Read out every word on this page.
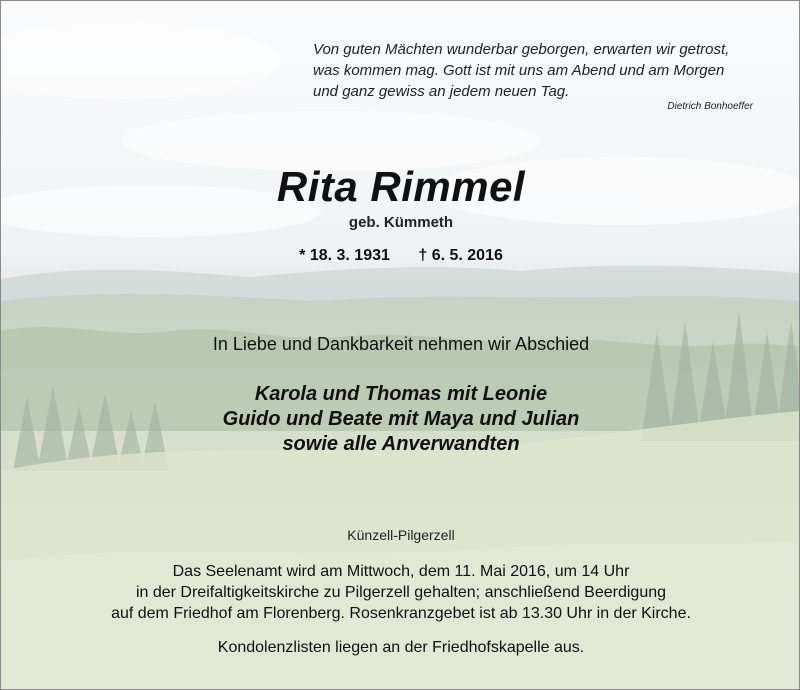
Von guten Mächten wunderbar geborgen, erwarten wir getrost,
was kommen mag. Gott ist mit uns am Abend und am Morgen
und ganz gewiss an jedem neuen Tag.
Dietrich Bonhoeffer
Rita Rimmel
geb. Kümmeth
* 18. 3. 1931 † 6. 5. 2016
In Liebe und Dankbarkeit nehmen wir Abschied
Karola und Thomas mit Leonie
Guido und Beate mit Maya und Julian
sowie alle Anverwandten
Künzell-Pilgerzell
Das Seelenamt wird am Mittwoch, dem 11. Mai 2016, um 14 Uhr
in der Dreifaltigkeitskirche zu Pilgerzell gehalten; anschließend Beerdigung
auf dem Friedhof am Florenberg. Rosenkranzgebet ist ab 13.30 Uhr in der Kirche.
Kondolenzlisten liegen an der Friedhofskapelle aus.
